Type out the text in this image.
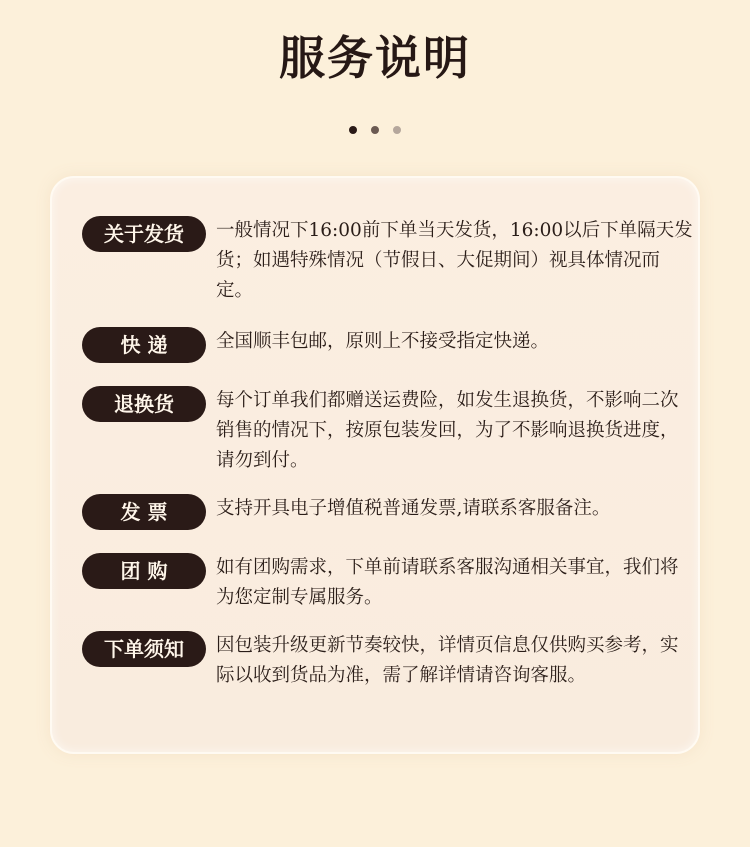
服务说明
关于发货	一般情况下16:00前下单当天发货，16:00以后下单隔天发货；如遇特殊情况（节假日、大促期间）视具体情况而定。
快 递	全国顺丰包邮，原则上不接受指定快递。
退换货	每个订单我们都赠送运费险，如发生退换货，不影响二次销售的情况下，按原包装发回，为了不影响退换货进度，请勿到付。
发 票	支持开具电子增值税普通发票,请联系客服备注。
团 购	如有团购需求，下单前请联系客服沟通相关事宜，我们将为您定制专属服务。
下单须知	因包装升级更新节奏较快，详情页信息仅供购买参考，实际以收到货品为准，需了解详情请咨询客服。
